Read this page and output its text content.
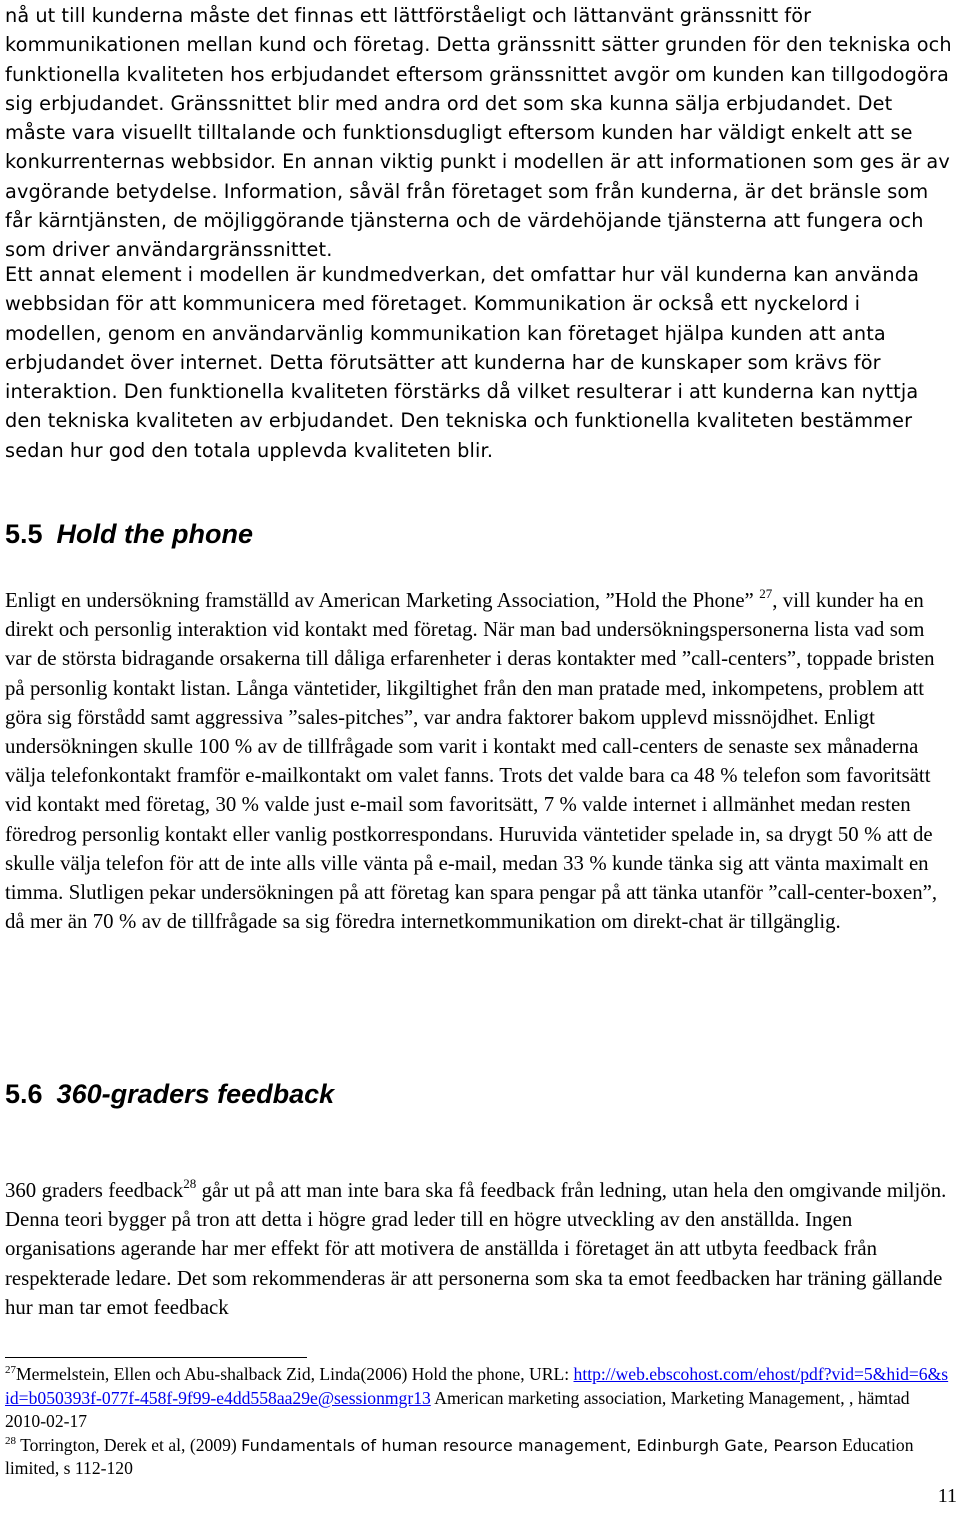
nå ut till kunderna måste det finnas ett lättförståeligt och lättanvänt gränssnitt för kommunikationen mellan kund och företag. Detta gränssnitt sätter grunden för den tekniska och funktionella kvaliteten hos erbjudandet eftersom gränssnittet avgör om kunden kan tillgodogöra sig erbjudandet. Gränssnittet blir med andra ord det som ska kunna sälja erbjudandet. Det måste vara visuellt tilltalande och funktionsdugligt eftersom kunden har väldigt enkelt att se konkurrenternas webbsidor. En annan viktig punkt i modellen är att informationen som ges är av avgörande betydelse. Information, såväl från företaget som från kunderna, är det bränsle som får kärntjänsten, de möjliggörande tjänsterna och de värdehöjande tjänsterna att fungera och som driver användargränssnittet.

Ett annat element i modellen är kundmedverkan, det omfattar hur väl kunderna kan använda webbsidan för att kommunicera med företaget. Kommunikation är också ett nyckelord i modellen, genom en användarvänlig kommunikation kan företaget hjälpa kunden att anta erbjudandet över internet. Detta förutsätter att kunderna har de kunskaper som krävs för interaktion. Den funktionella kvaliteten förstärks då vilket resulterar i att kunderna kan nyttja den tekniska kvaliteten av erbjudandet. Den tekniska och funktionella kvaliteten bestämmer sedan hur god den totala upplevda kvaliteten blir.

5.5 Hold the phone

Enligt en undersökning framställd av American Marketing Association, ”Hold the Phone” $^{27}$, vill kunder ha en direkt och personlig interaktion vid kontakt med företag. När man bad undersökningspersonerna lista vad som var de största bidragande orsakerna till dåliga erfarenheter i deras kontakter med ”call-centers”, toppade bristen på personlig kontakt listan. Långa väntetider, likgiltighet från den man pratade med, inkompetens, problem att göra sig förstådd samt aggressiva ”sales-pitches”, var andra faktorer bakom upplevd missnöjdhet. Enligt undersökningen skulle 100 % av de tillfrågade som varit i kontakt med call-centers de senaste sex månaderna välja telefonkontakt framför e-mailkontakt om valet fanns. Trots det valde bara ca 48 % telefon som favoritsätt vid kontakt med företag, 30 % valde just e-mail som favoritsätt, 7 % valde internet i allmänhet medan resten föredrog personlig kontakt eller vanlig postkorrespondans. Huruvida väntetider spelade in, sa drygt 50 % att de skulle välja telefon för att de inte alls ville vänta på e-mail, medan 33 % kunde tänka sig att vänta maximalt en timma. Slutligen pekar undersökningen på att företag kan spara pengar på att tänka utanför ”call-center-boxen”, då mer än 70 % av de tillfrågade sa sig föredra internetkommunikation om direkt-chat är tillgänglig.

5.6 360-graders feedback

360 graders feedback$^{28}$ går ut på att man inte bara ska få feedback från ledning, utan hela den omgivande miljön. Denna teori bygger på tron att detta i högre grad leder till en högre utveckling av den anställda. Ingen organisations agerande har mer effekt för att motivera de anställda i företaget än att utbyta feedback från respekterade ledare. Det som rekommenderas är att personerna som ska ta emot feedbacken har träning gällande hur man tar emot feedback

$^{27}$Mermelstein, Ellen och Abu-shalback Zid, Linda(2006) Hold the phone, URL: http://web.ebscohost.com/ehost/pdf?vid=5&hid=6&sid=b050393f-077f-458f-9f99-e4dd558aa29e@sessionmgr13 American marketing association, Marketing Management, , hämtad 2010-02-17
$^{28}$ Torrington, Derek et al, (2009) Fundamentals of human resource management, Edinburgh Gate, Pearson Education limited, s 112-120

11
